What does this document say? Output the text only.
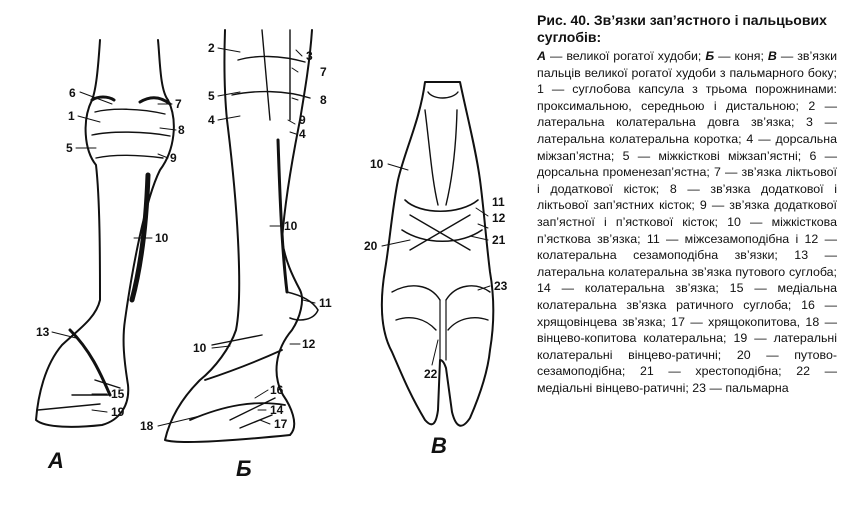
6
7
1
8
5
9
10
13
15
19
А
2
3
7
5	8
4	9
4
10
11
10	12
16
14
18	17
Б
10
11
12
20	21
23
22
В
Рис. 40. Зв’язки зап’ястного і пальцьових суглобів:

А — великої рогатої худоби; Б — коня; В — зв’язки пальців великої рогатої худоби з пальмарного боку; 1 — суглобова капсула з трьома порожнинами: проксимальною, середньою і дистальною; 2 — латеральна колатеральна довга зв’язка; 3 — латеральна колатеральна коротка; 4 — дорсальна міжзап’ястна; 5 — міжкісткові міжзап’ястні; 6 — дорсальна променезап’ястна; 7 — зв’язка ліктьової і додаткової кісток; 8 — зв’язка додаткової і ліктьової зап’ястних кісток; 9 — зв’язка додаткової зап’ястної і п’ясткової кісток; 10 — міжкісткова п’ясткова зв’язка; 11 — міжсезамоподібна і 12 — колатеральна сезамоподібна зв’язки; 13 — латеральна колатеральна зв’язка путового суглоба; 14 — колатеральна зв’язка; 15 — медіальна колатеральна зв’язка ратичного суглоба; 16 — хрящовінцева зв’язка; 17 — хрящокопитова, 18 — вінцево-копитова колатеральна; 19 — латеральні колатеральні вінцево-ратичні; 20 — путово-сезамоподібна; 21 — хрестоподібна; 22 — медіальні вінцево-ратичні; 23 — пальмарна
